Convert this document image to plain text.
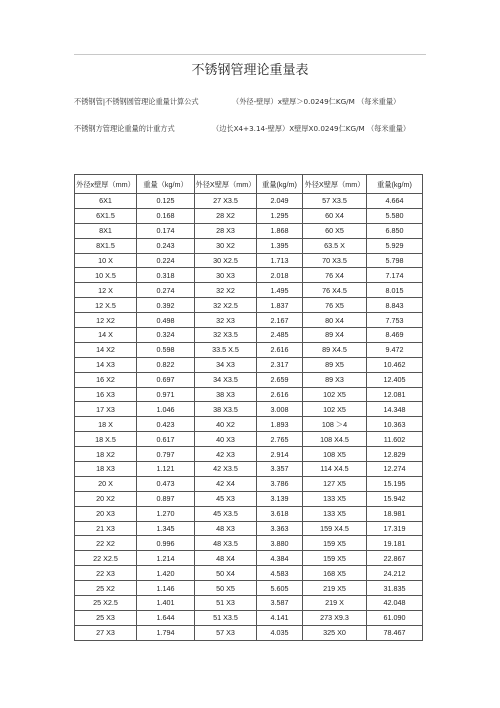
不锈钢管理论重量表
不锈钢管|不锈钢圆管理论重量计算公式	（外径-壁厚）x壁厚＞0.0249仁KG/M （每米重量）
不锈钢方管理论重量的计重方式	（边长X4+3.14-壁厚）X壁厚X0.0249仁KG/M （每米重量）
外径x壁厚（mm）	重量（kg/m）	外径X壁厚（mm）	重量(kg/m)	外径X壁厚（mm）	重量(kg/m)
6X1	0.125	27 X3.5	2.049	57 X3.5	4.664
6X1.5	0.168	28 X2	1.295	60 X4	5.580
8X1	0.174	28 X3	1.868	60 X5	6.850
8X1.5	0.243	30 X2	1.395	63.5 X	5.929
10 X	0.224	30 X2.5	1.713	70 X3.5	5.798
10 X.5	0.318	30 X3	2.018	76 X4	7.174
12 X	0.274	32 X2	1.495	76 X4.5	8.015
12 X.5	0.392	32 X2.5	1.837	76 X5	8.843
12 X2	0.498	32 X3	2.167	80 X4	7.753
14 X	0.324	32 X3.5	2.485	89 X4	8.469
14 X2	0.598	33.5 X.5	2.616	89 X4.5	9.472
14 X3	0.822	34 X3	2.317	89 X5	10.462
16 X2	0.697	34 X3.5	2.659	89 X3	12.405
16 X3	0.971	38 X3	2.616	102 X5	12.081
17 X3	1.046	38 X3.5	3.008	102 X5	14.348
18 X	0.423	40 X2	1.893	108 ＞4	10.363
18 X.5	0.617	40 X3	2.765	108 X4.5	11.602
18 X2	0.797	42 X3	2.914	108 X5	12.829
18 X3	1.121	42 X3.5	3.357	114 X4.5	12.274
20 X	0.473	42 X4	3.786	127 X5	15.195
20 X2	0.897	45 X3	3.139	133 X5	15.942
20 X3	1.270	45 X3.5	3.618	133 X5	18.981
21 X3	1.345	48 X3	3.363	159 X4.5	17.319
22 X2	0.996	48 X3.5	3.880	159 X5	19.181
22 X2.5	1.214	48 X4	4.384	159 X5	22.867
22 X3	1.420	50 X4	4.583	168 X5	24.212
25 X2	1.146	50 X5	5.605	219 X5	31.835
25 X2.5	1.401	51 X3	3.587	219 X	42.048
25 X3	1.644	51 X3.5	4.141	273 X9.3	61.090
27 X3	1.794	57 X3	4.035	325 X0	78.467
